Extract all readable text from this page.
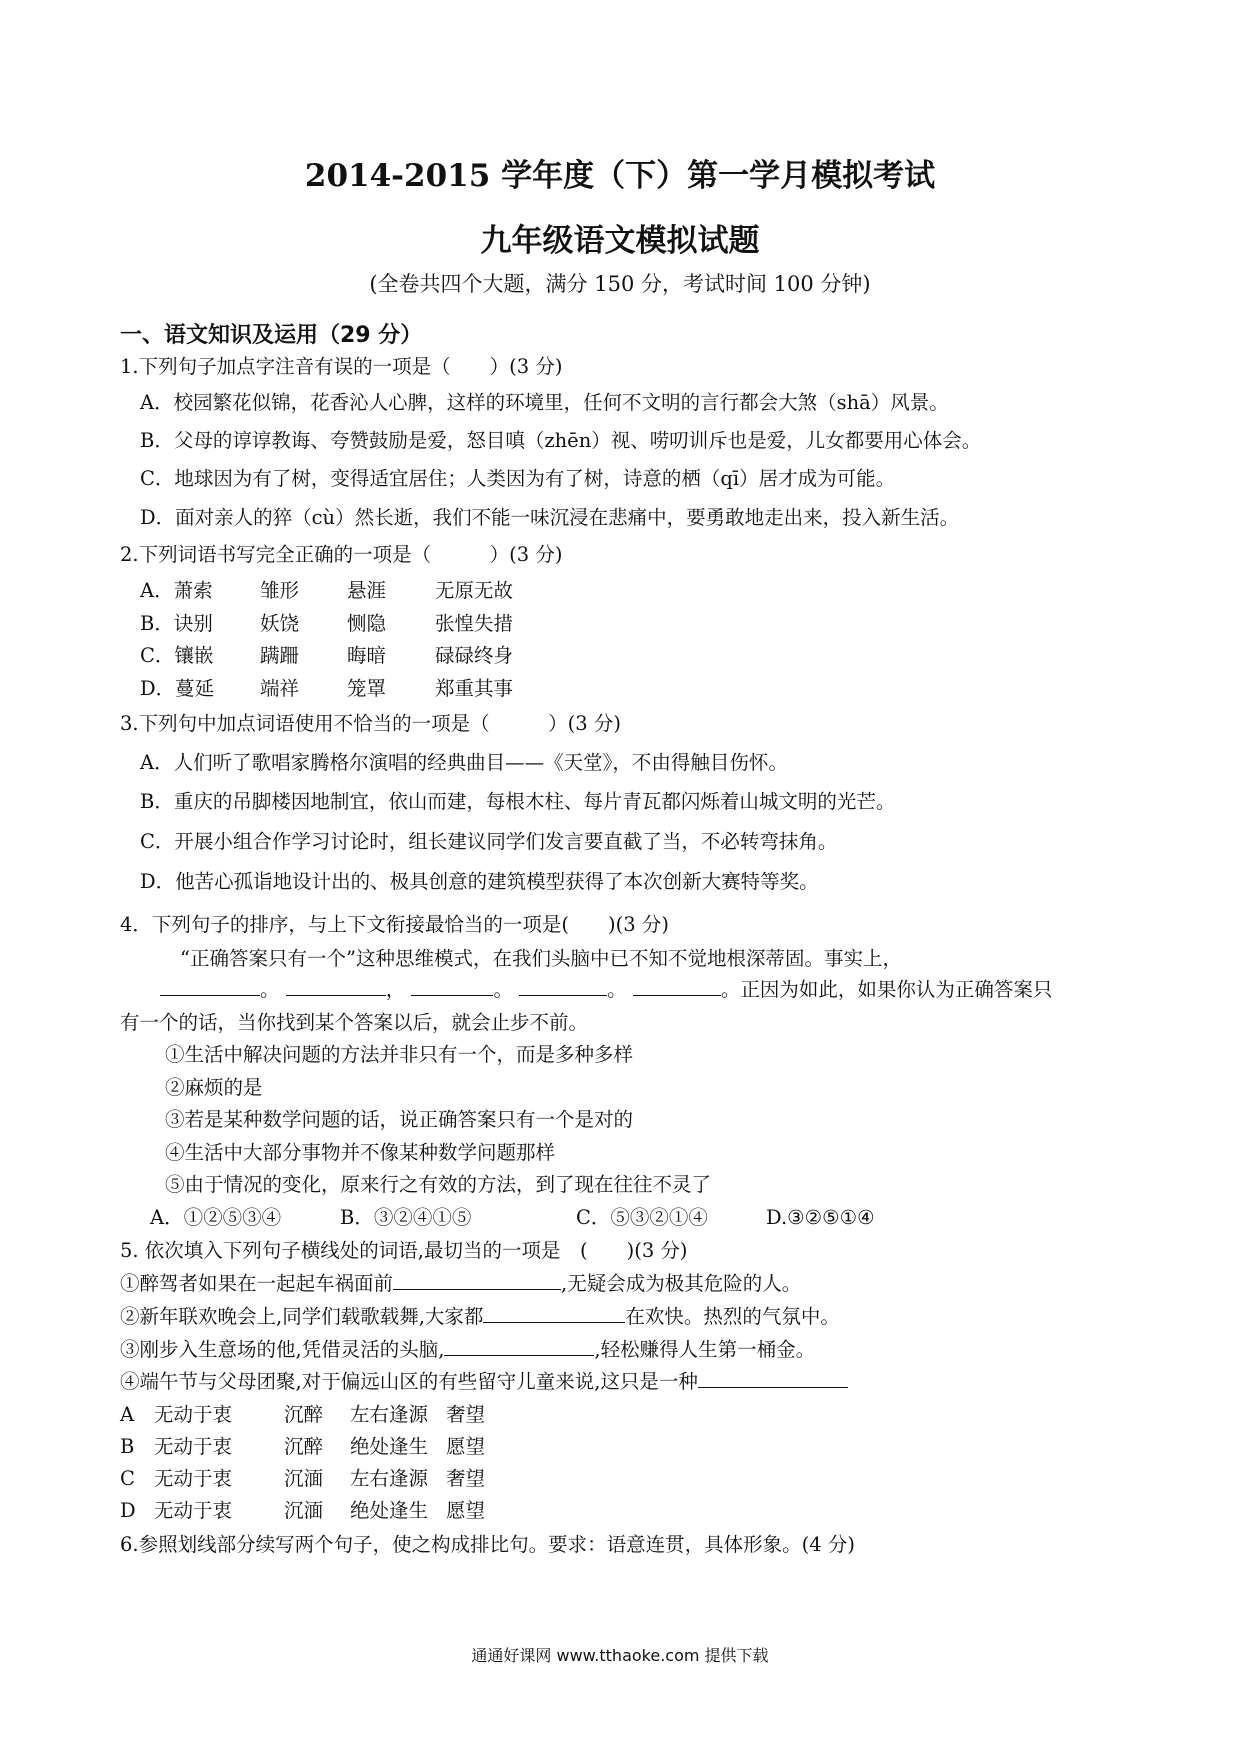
2014-2015 学年度（下）第一学月模拟考试
九年级语文模拟试题
(全卷共四个大题，满分 150 分，考试时间 100 分钟)
一、语文知识及运用（29 分）
1.下列句子加点字注音有误的一项是（　　）(3 分)
A．校园繁花似锦，花香沁人心脾，这样的环境里，任何不文明的言行都会大煞（shā）风景。
B．父母的谆谆教诲、夸赞鼓励是爱，怒目嗔（zhēn）视、唠叨训斥也是爱，儿女都要用心体会。
C．地球因为有了树，变得适宜居住；人类因为有了树，诗意的栖（qī）居才成为可能。
D．面对亲人的猝（cù）然长逝，我们不能一味沉浸在悲痛中，要勇敢地走出来，投入新生活。
2.下列词语书写完全正确的一项是（　　　）(3 分)
A．萧索 雏形 悬涯	无原无故
B．诀别 妖饶 恻隐	张惶失措
C．镶嵌 蹒跚 晦暗	碌碌终身
D．蔓延 端祥 笼罩	郑重其事
3.下列句中加点词语使用不恰当的一项是（　　　）(3 分)
A．人们听了歌唱家腾格尔演唱的经典曲目——《天堂》，不由得触目伤怀。
B．重庆的吊脚楼因地制宜，依山而建，每根木柱、每片青瓦都闪烁着山城文明的光芒。
C．开展小组合作学习讨论时，组长建议同学们发言要直截了当，不必转弯抹角。
D．他苦心孤诣地设计出的、极具创意的建筑模型获得了本次创新大赛特等奖。
4．下列句子的排序，与上下文衔接最恰当的一项是(　　)(3 分)
“正确答案只有一个”这种思维模式，在我们头脑中已不知不觉地根深蒂固。事实上，
。	，	。	。	。正因为如此，如果你认为正确答案只
有一个的话，当你找到某个答案以后，就会止步不前。
①生活中解决问题的方法并非只有一个，而是多种多样
②麻烦的是
③若是某种数学问题的话，说正确答案只有一个是对的
④生活中大部分事物并不像某种数学问题那样
⑤由于情况的变化，原来行之有效的方法，到了现在往往不灵了
A．①②⑤③④	B．③②④①⑤	C．⑤③②①④	D.③②⑤①④
5. 依次填入下列句子横线处的词语,最切当的一项是　(　　)(3 分)
①醉驾者如果在一起起车祸面前	,无疑会成为极其危险的人。
②新年联欢晚会上,同学们载歌载舞,大家都	在欢快。热烈的气氛中。
③刚步入生意场的他,凭借灵活的头脑,	,轻松赚得人生第一桶金。
④端午节与父母团聚,对于偏远山区的有些留守儿童来说,这只是一种
A 无动于衷	沉醉 左右逢源 奢望
B 无动于衷	沉醉 绝处逢生 愿望
C 无动于衷	沉湎 左右逢源 奢望
D 无动于衷	沉湎 绝处逢生 愿望
6.参照划线部分续写两个句子，使之构成排比句。要求：语意连贯，具体形象。(4 分)
通通好课网 www.tthaoke.com 提供下载
